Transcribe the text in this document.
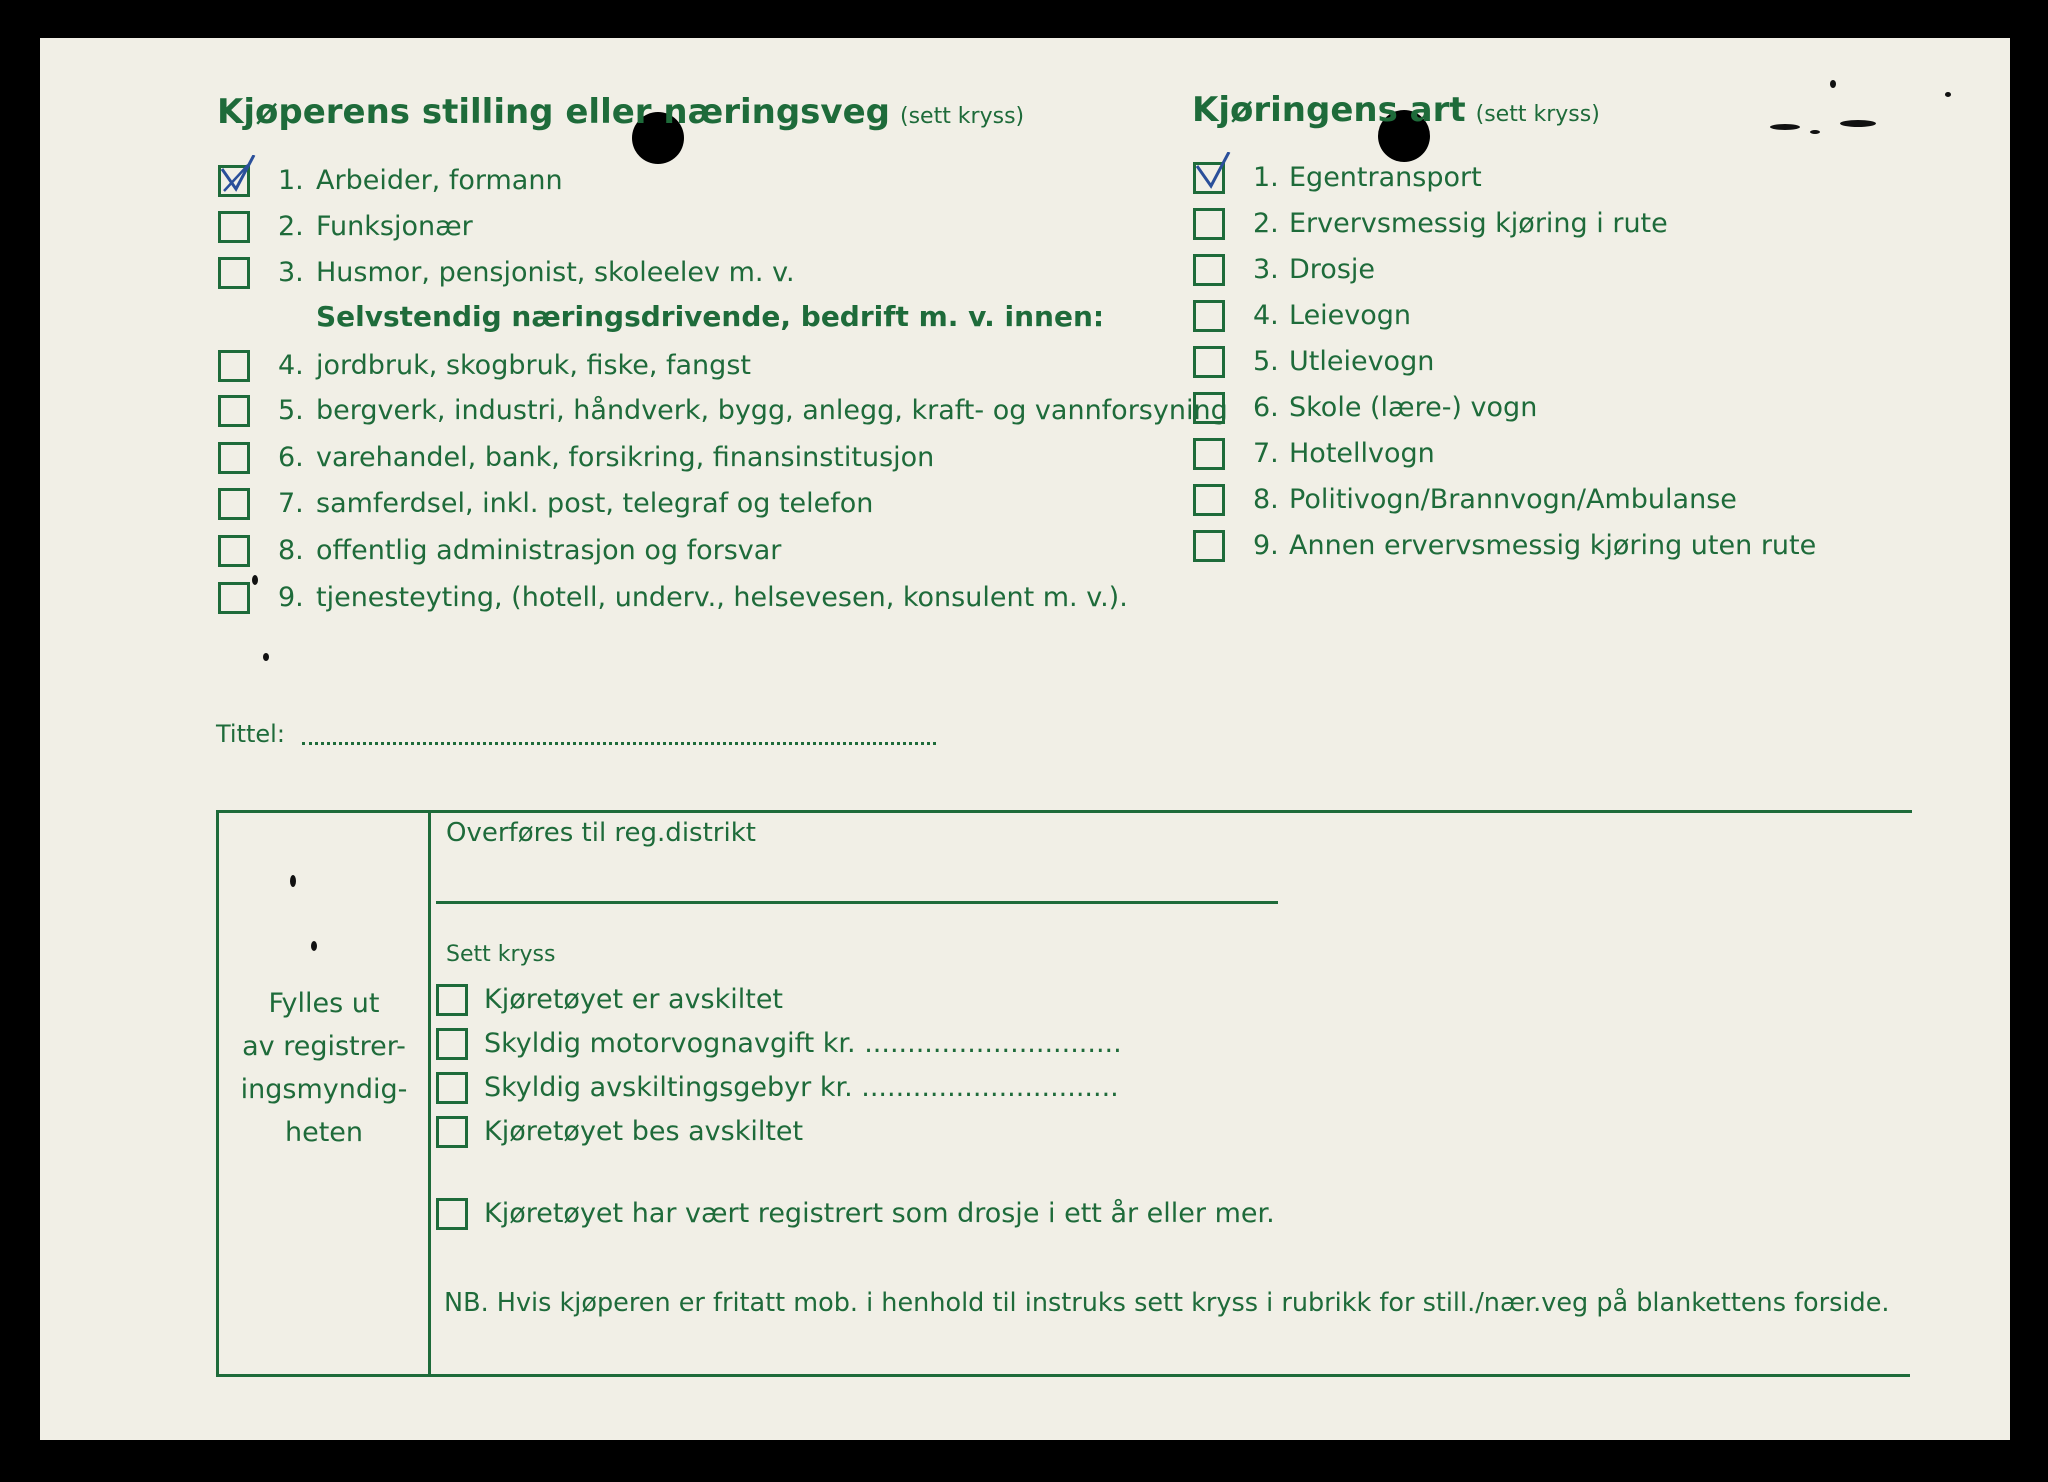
Kjøperens stilling eller næringsveg (sett kryss)
1. Arbeider, formann
2. Funksjonær
3. Husmor, pensjonist, skoleelev m. v.
Selvstendig næringsdrivende, bedrift m. v. innen:
4. jordbruk, skogbruk, fiske, fangst
5. bergverk, industri, håndverk, bygg, anlegg, kraft- og vannforsyning
6. varehandel, bank, forsikring, finansinstitusjon
7. samferdsel, inkl. post, telegraf og telefon
8. offentlig administrasjon og forsvar
9. tjenesteyting, (hotell, underv., helsevesen, konsulent m. v.).
Tittel:
Kjøringens art (sett kryss)
1. Egentransport
2. Ervervsmessig kjøring i rute
3. Drosje
4. Leievogn
5. Utleievogn
6. Skole (lære-) vogn
7. Hotellvogn
8. Politivogn/Brannvogn/Ambulanse
9. Annen ervervsmessig kjøring uten rute
Fylles ut
av registrer-
ingsmyndig-
heten
Overføres til reg.distrikt
Sett kryss
Kjøretøyet er avskiltet
Skyldig motorvognavgift kr. ..............................
Skyldig avskiltingsgebyr kr. ..............................
Kjøretøyet bes avskiltet
Kjøretøyet har vært registrert som drosje i ett år eller mer.
NB. Hvis kjøperen er fritatt mob. i henhold til instruks sett kryss i rubrikk for still./nær.veg på blankettens forside.
